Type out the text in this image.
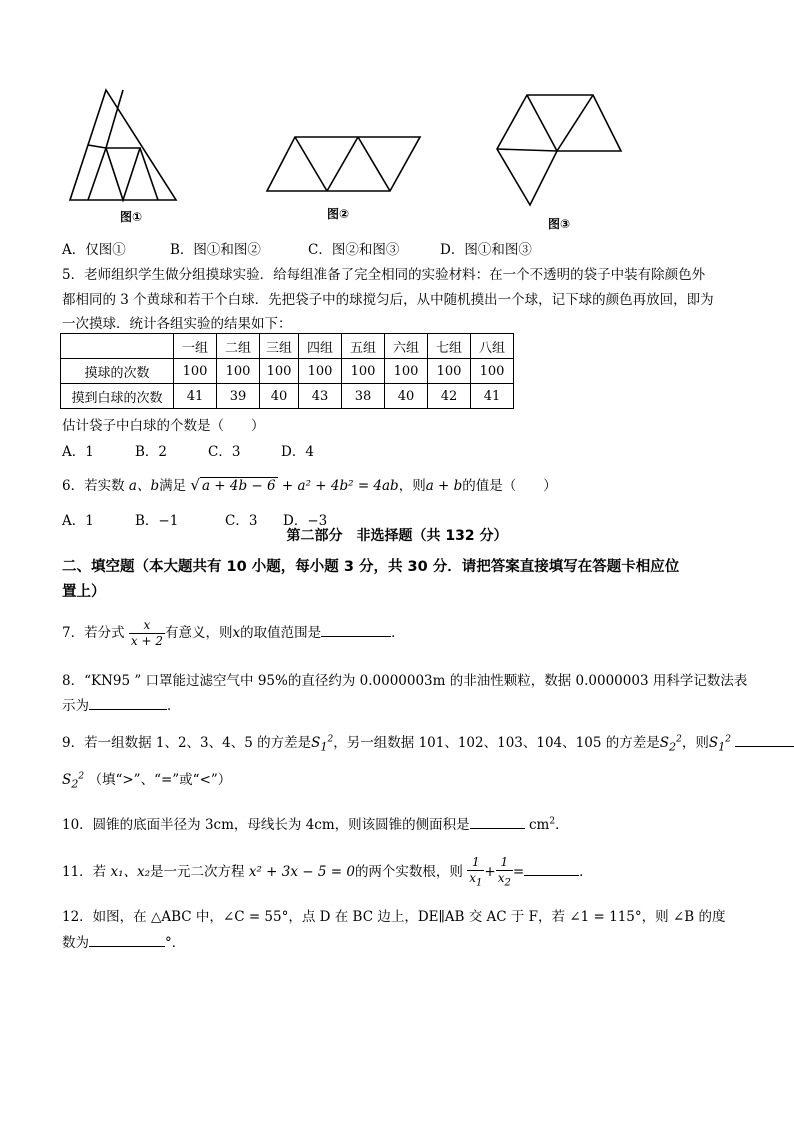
图①	图②
图③
A．仅图①	B．图①和图②	C．图②和图③	D．图①和图③
5．老师组织学生做分组摸球实验．给每组准备了完全相同的实验材料：在一个不透明的袋子中装有除颜色外
都相同的 3 个黄球和若干个白球．先把袋子中的球搅匀后，从中随机摸出一个球，记下球的颜色再放回，即为
一次摸球．统计各组实验的结果如下：
	一组	二组	三组	四组	五组	六组	七组	八组
摸球的次数	100	100	100	100	100	100	100	100
摸到白球的次数	41	39	40	43	38	40	42	41
估计袋子中白球的个数是（　　）
A．1	B．2	C．3	D．4
6．若实数 a、b满足 √ a + 4b − 6 + a² + 4b² = 4ab，则a + b的值是（　　）
A．1	B．−1	C．3 D．−3
第二部分　非选择题（共 132 分）
二、填空题（本大题共有 10 小题，每小题 3 分，共 30 分．请把答案直接填写在答题卡相应位
置上）
7．若分式 $\frac{x}{x + 2}$ 有意义，则x的取值范围是	．
8．“KN95 ” 口罩能过滤空气中 95%的直径约为 0.0000003m 的非油性颗粒，数据 0.0000003 用科学记数法表
示为	．
9．若一组数据 1、2、3、4、5 的方差是$S_1^2$，另一组数据 101、102、103、104、105 的方差是$S_2^2$，则$S_1^2$
$S_2^2$ （填“>”、“=”或“<”）
10．圆锥的底面半径为 3cm，母线长为 4cm，则该圆锥的侧面积是	$cm^2$．
11．若 x₁、x₂是一元二次方程 x² + 3x − 5 = 0的两个实数根，则 $\frac{1}{x_1} + \frac{1}{x_2}$ =	．
12．如图，在 △ABC 中，∠C = 55°，点 D 在 BC 边上，DE∥AB 交 AC 于 F，若 ∠1 = 115°，则 ∠B 的度
数为	°．
